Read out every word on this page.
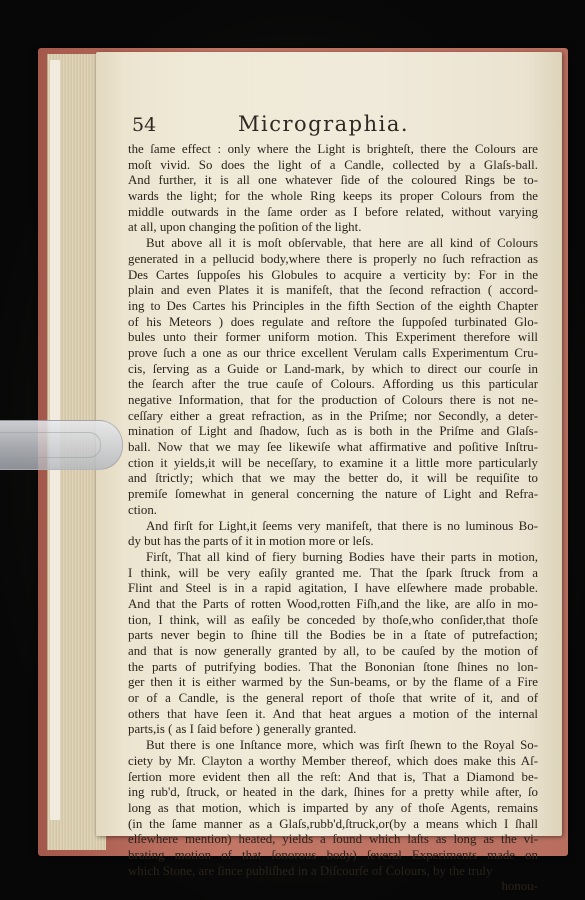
54	Micrographia.
the ſame effect : only where the Light is brighteſt, there the Colours are
moſt vivid. So does the light of a Candle, collected by a Glaſs-ball.
And further, it is all one whatever ſide of the coloured Rings be to-
wards the light; for the whole Ring keeps its proper Colours from the
middle outwards in the ſame order as I before related, without varying
at all, upon changing the poſition of the light.
But above all it is moſt obſervable, that here are all kind of Colours
generated in a pellucid body,where there is properly no ſuch refraction as
Des Cartes ſuppoſes his Globules to acquire a verticity by: For in the
plain and even Plates it is manifeſt, that the ſecond refraction ( accord-
ing to Des Cartes his Principles in the fifth Section of the eighth Chapter
of his Meteors ) does regulate and reſtore the ſuppoſed turbinated Glo-
bules unto their former uniform motion. This Experiment therefore will
prove ſuch a one as our thrice excellent Verulam calls Experimentum Cru-
cis, ſerving as a Guide or Land-mark, by which to direct our courſe in
the ſearch after the true cauſe of Colours. Affording us this particular
negative Information, that for the production of Colours there is not ne-
ceſſary either a great refraction, as in the Priſme; nor Secondly, a deter-
mination of Light and ſhadow, ſuch as is both in the Priſme and Glaſs-
ball. Now that we may ſee likewiſe what affirmative and poſitive Inſtru-
ction it yields,it will be neceſſary, to examine it a little more particularly
and ſtrictly; which that we may the better do, it will be requiſite to
premiſe ſomewhat in general concerning the nature of Light and Refra-
ction.
And firſt for Light,it ſeems very manifeſt, that there is no luminous Bo-
dy but has the parts of it in motion more or leſs.
Firſt, That all kind of fiery burning Bodies have their parts in motion,
I think, will be very eaſily granted me. That the ſpark ſtruck from a
Flint and Steel is in a rapid agitation, I have elſewhere made probable.
And that the Parts of rotten Wood,rotten Fiſh,and the like, are alſo in mo-
tion, I think, will as eaſily be conceded by thoſe,who conſider,that thoſe
parts never begin to ſhine till the Bodies be in a ſtate of putrefaction;
and that is now generally granted by all, to be cauſed by the motion of
the parts of putrifying bodies. That the Bononian ſtone ſhines no lon-
ger then it is either warmed by the Sun-beams, or by the flame of a Fire
or of a Candle, is the general report of thoſe that write of it, and of
others that have ſeen it. And that heat argues a motion of the internal
parts,is ( as I ſaid before ) generally granted.
But there is one Inſtance more, which was firſt ſhewn to the Royal So-
ciety by Mr. Clayton a worthy Member thereof, which does make this Aſ-
ſertion more evident then all the reſt: And that is, That a Diamond be-
ing rub'd, ſtruck, or heated in the dark, ſhines for a pretty while after, ſo
long as that motion, which is imparted by any of thoſe Agents, remains
(in the ſame manner as a Glaſs,rubb'd,ſtruck,or(by a means which I ſhall
elſewhere mention) heated, yields a ſound which laſts as long as the vi-
brating motion of that ſonorous body) ſeveral Experiments made on
which Stone, are ſince publiſhed in a Diſcourſe of Colours, by the truly
honou-
